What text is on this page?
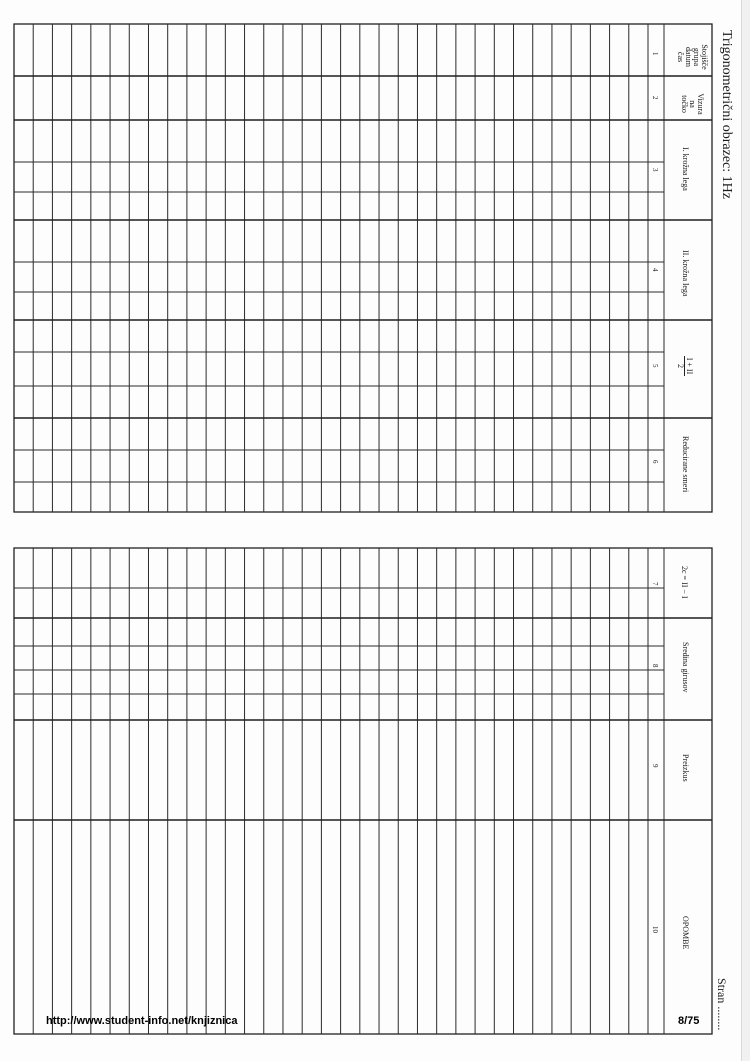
Trigonometrični obrazec: 1Hz
Stran ........
Stojišče
grupa
datum
čas
1
Vizura
na
točko
2
I. krožna lega
3
II. krožna lega
4
I + II
2
5
Reducirane smeri
6
2c = II − I
7
Sredina girusov
8
Preizkus
9
OPOMBE
10
http://www.student-info.net/knjiznica	8/75
